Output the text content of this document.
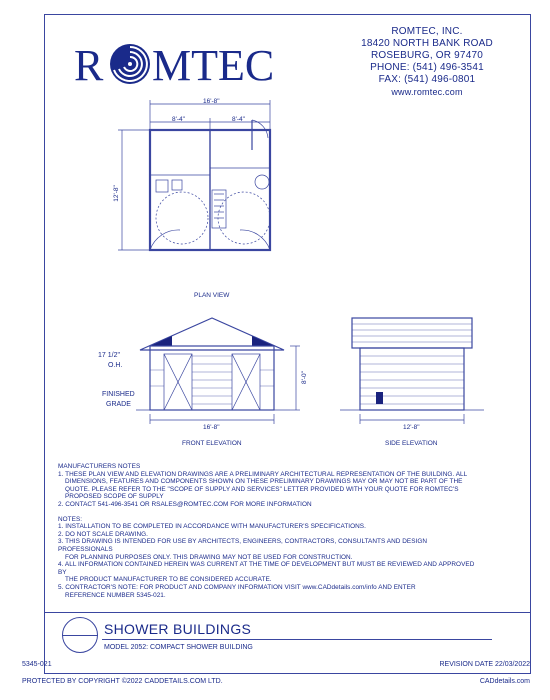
R MTEC
ROMTEC, INC.
18420 NORTH BANK ROAD
ROSEBURG, OR 97470
PHONE: (541) 496-3541
FAX: (541) 496-0801
www.romtec.com
16'-8"
8'-4"	8'-4"
12'-8"
PLAN VIEW
17 1/2"
O.H.
FINISHED
GRADE
8'-0"
16'-8"
FRONT ELEVATION
12'-8"
SIDE ELEVATION
MANUFACTURERS NOTES
1. THESE PLAN VIEW AND ELEVATION DRAWINGS ARE A PRELIMINARY ARCHITECTURAL REPRESENTATION OF THE BUILDING. ALL
DIMENSIONS, FEATURES AND COMPONENTS SHOWN ON THESE PRELIMINARY DRAWINGS MAY OR MAY NOT BE PART OF THE
QUOTE. PLEASE REFER TO THE "SCOPE OF SUPPLY AND SERVICES" LETTER PROVIDED WITH YOUR QUOTE FOR ROMTEC'S
PROPOSED SCOPE OF SUPPLY
2. CONTACT 541-496-3541 OR RSALES@ROMTEC.COM FOR MORE INFORMATION
NOTES:
1. INSTALLATION TO BE COMPLETED IN ACCORDANCE WITH MANUFACTURER'S SPECIFICATIONS.
2. DO NOT SCALE DRAWING.
3. THIS DRAWING IS INTENDED FOR USE BY ARCHITECTS, ENGINEERS, CONTRACTORS, CONSULTANTS AND DESIGN PROFESSIONALS
FOR PLANNING PURPOSES ONLY. THIS DRAWING MAY NOT BE USED FOR CONSTRUCTION.
4. ALL INFORMATION CONTAINED HEREIN WAS CURRENT AT THE TIME OF DEVELOPMENT BUT MUST BE REVIEWED AND APPROVED BY
THE PRODUCT MANUFACTURER TO BE CONSIDERED ACCURATE.
5. CONTRACTOR'S NOTE: FOR PRODUCT AND COMPANY INFORMATION VISIT www.CADdetails.com/info AND ENTER
REFERENCE NUMBER 5345-021.
SHOWER BUILDINGS
MODEL 2052: COMPACT SHOWER BUILDING
5345-021	REVISION DATE 22/03/2022
PROTECTED BY COPYRIGHT ©2022 CADDETAILS.COM LTD.	CADdetails.com
